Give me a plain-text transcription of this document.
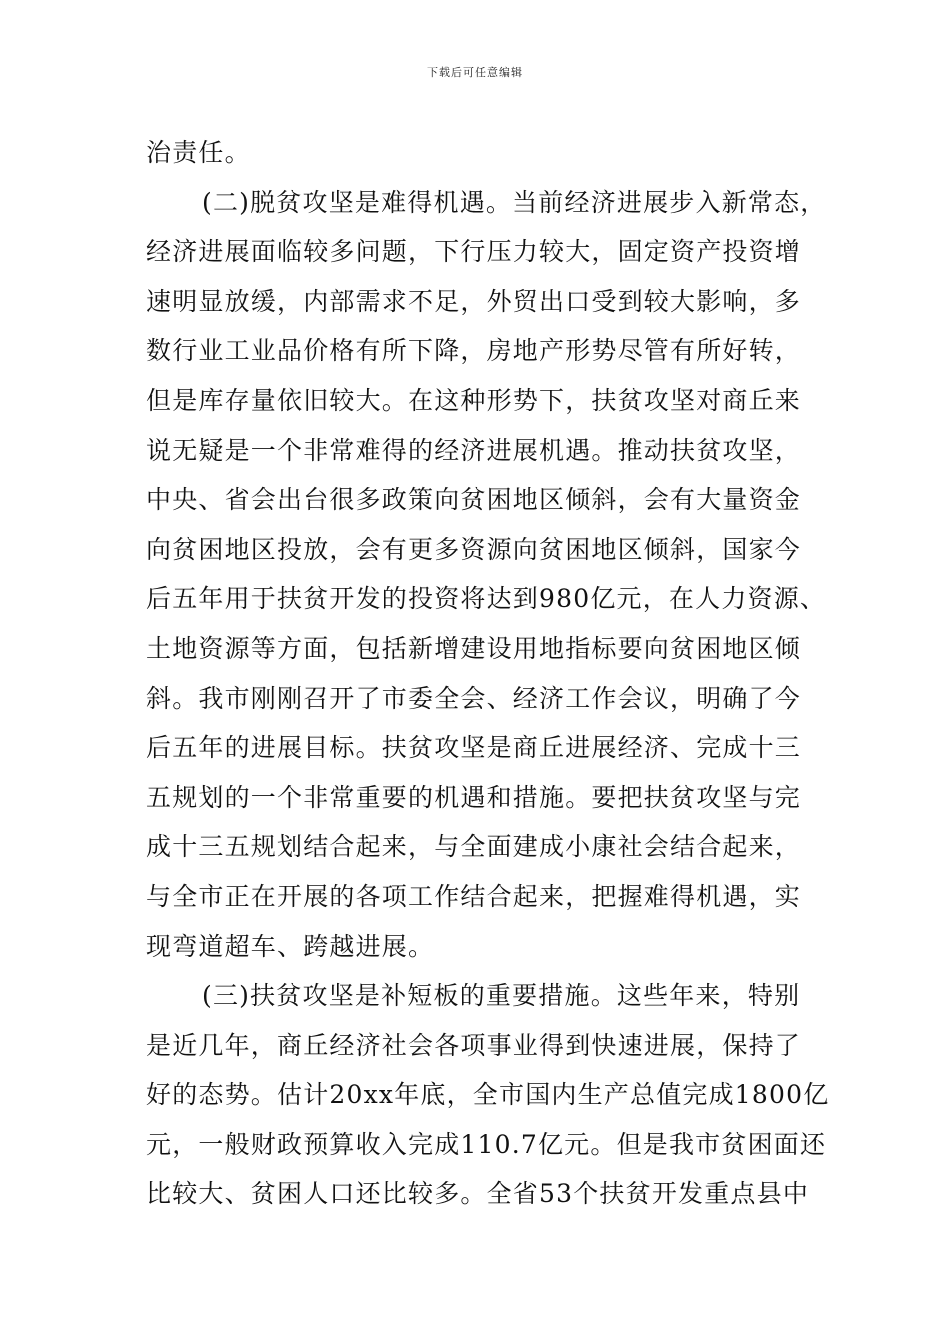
下载后可任意编辑
治责任。
(二)脱贫攻坚是难得机遇。当前经济进展步入新常态，
经济进展面临较多问题，下行压力较大，固定资产投资增
速明显放缓，内部需求不足，外贸出口受到较大影响，多
数行业工业品价格有所下降，房地产形势尽管有所好转，
但是库存量依旧较大。在这种形势下，扶贫攻坚对商丘来
说无疑是一个非常难得的经济进展机遇。推动扶贫攻坚，
中央、省会出台很多政策向贫困地区倾斜，会有大量资金
向贫困地区投放，会有更多资源向贫困地区倾斜，国家今
后五年用于扶贫开发的投资将达到980亿元，在人力资源、
土地资源等方面，包括新增建设用地指标要向贫困地区倾
斜。我市刚刚召开了市委全会、经济工作会议，明确了今
后五年的进展目标。扶贫攻坚是商丘进展经济、完成十三
五规划的一个非常重要的机遇和措施。要把扶贫攻坚与完
成十三五规划结合起来，与全面建成小康社会结合起来，
与全市正在开展的各项工作结合起来，把握难得机遇，实
现弯道超车、跨越进展。
(三)扶贫攻坚是补短板的重要措施。这些年来，特别
是近几年，商丘经济社会各项事业得到快速进展，保持了
好的态势。估计20xx年底，全市国内生产总值完成1800亿
元，一般财政预算收入完成110.7亿元。但是我市贫困面还
比较大、贫困人口还比较多。全省53个扶贫开发重点县中
